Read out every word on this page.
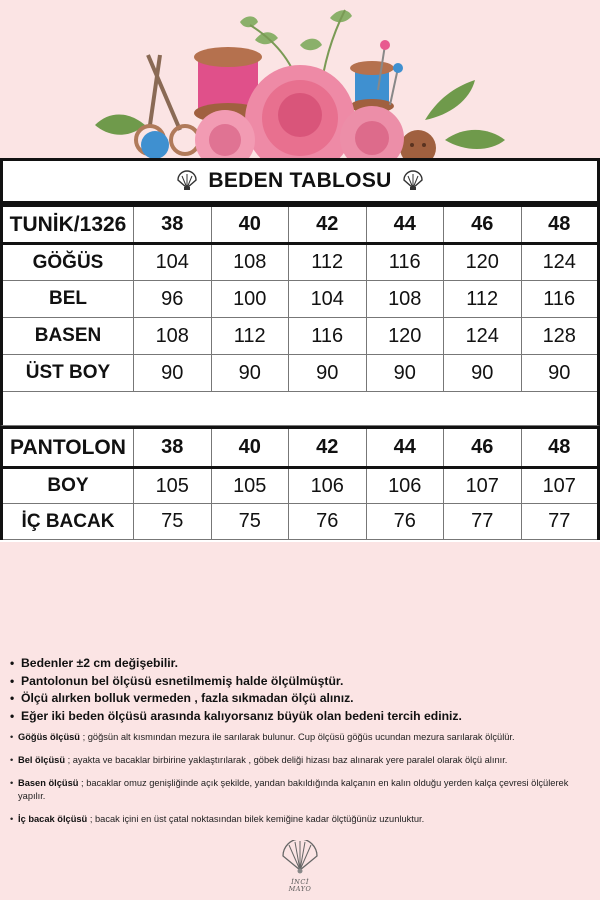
BEDEN TABLOSU
TUNİK/1326	38	40	42	44	46	48
GÖĞÜS	104	108	112	116	120	124
BEL	96	100	104	108	112	116
BASEN	108	112	116	120	124	128
ÜST BOY	90	90	90	90	90	90
PANTOLON	38	40	42	44	46	48
BOY	105	105	106	106	107	107
İÇ BACAK	75	75	76	76	77	77
• Bedenler ±2 cm değişebilir.
• Pantolonun bel ölçüsü esnetilmemiş halde ölçülmüştür.
• Ölçü alırken bolluk vermeden , fazla sıkmadan ölçü alınız.
• Eğer iki beden ölçüsü arasında kalıyorsanız büyük olan bedeni tercih ediniz.

• Göğüs ölçüsü ; göğsün alt kısmından mezura ile sarılarak bulunur. Cup ölçüsü göğüs ucundan mezura sarılarak ölçülür.

• Bel ölçüsü ; ayakta ve bacaklar birbirine yaklaştırılarak , göbek deliği hizası baz alınarak yere paralel olarak ölçü alınır.

• Basen ölçüsü ; bacaklar omuz genişliğinde açık şekilde, yandan bakıldığında kalçanın en kalın olduğu yerden kalça çevresi ölçülerek yapılır.

• İç bacak ölçüsü ; bacak içini en üst çatal noktasından bilek kemiğine kadar ölçtüğünüz uzunluktur.

İNCİ
MAYO
